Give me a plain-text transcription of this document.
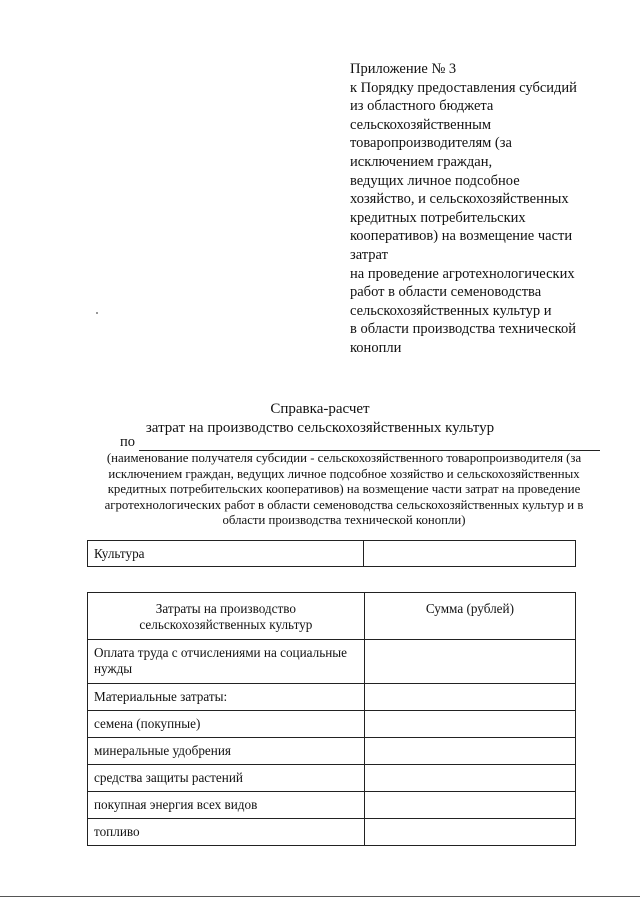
Приложение № 3
к Порядку предоставления субсидий
из областного бюджета
сельскохозяйственным
товаропроизводителям (за
исключением граждан,
ведущих личное подсобное
хозяйство, и сельскохозяйственных
кредитных потребительских
кооперативов) на возмещение части
затрат
на проведение агротехнологических
работ в области семеноводства
сельскохозяйственных культур и
в области производства технической
конопли
Справка-расчет
затрат на производство сельскохозяйственных культур
по
(наименование получателя субсидии - сельскохозяйственного товаропроизводителя (за
исключением граждан, ведущих личное подсобное хозяйство и сельскохозяйственных
кредитных потребительских кооперативов) на возмещение части затрат на проведение
агротехнологических работ в области семеноводства сельскохозяйственных культур и в
области производства технической конопли)
Культура	
Затраты на производство сельскохозяйственных культур	Сумма (рублей)
Оплата труда с отчислениями на социальные нужды	
Материальные затраты:	
семена (покупные)	
минеральные удобрения	
средства защиты растений	
покупная энергия всех видов	
топливо	
